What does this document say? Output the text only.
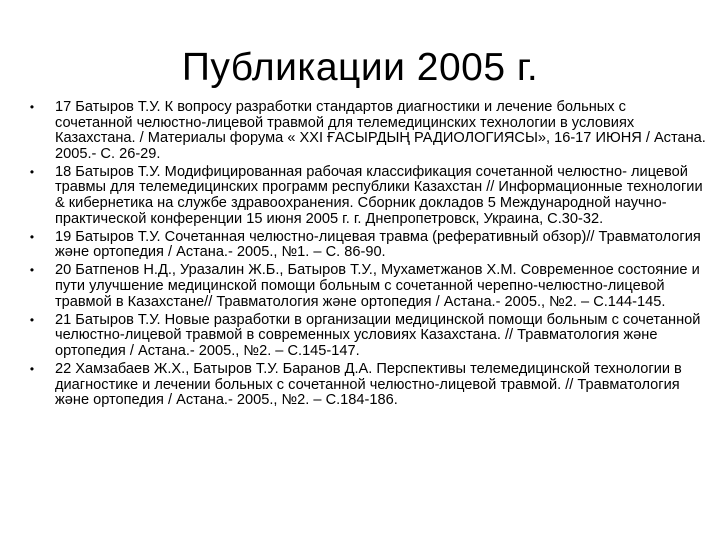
Публикации 2005 г.
• 17 Батыров Т.У. К вопросу разработки стандартов диагностики и лечение больных с сочетанной челюстно-лицевой травмой для телемедицинских технологии в условиях Казахстана. / Материалы форума « XXI ҒАСЫРДЫҢ РАДИОЛОГИЯСЫ», 16-17 ИЮНЯ / Астана. 2005.- С. 26-29.
• 18 Батыров Т.У. Модифицированная рабочая классификация сочетанной челюстно- лицевой травмы для телемедицинских программ республики Казахстан // Информационные технологии & кибернетика на службе здравоохранения. Сборник докладов 5 Международной научно-практической конференции 15 июня 2005 г. г. Днепропетровск, Украина, С.30-32.
• 19 Батыров Т.У. Сочетанная челюстно-лицевая травма (реферативный обзор)// Травматология және ортопедия / Астана.- 2005., №1. – С. 86-90.
• 20 Батпенов Н.Д., Уразалин Ж.Б., Батыров Т.У., Мухаметжанов Х.М. Современное состояние и пути улучшение медицинской помощи больным с сочетанной черепно-челюстно-лицевой травмой в Казахстане// Травматология және ортопедия / Астана.- 2005., №2. – С.144-145.
• 21 Батыров Т.У. Новые разработки в организации медицинской помощи больным с сочетанной челюстно-лицевой травмой в современных условиях Казахстана. // Травматология және ортопедия / Астана.- 2005., №2. – С.145-147.
• 22 Хамзабаев Ж.Х., Батыров Т.У. Баранов Д.А. Перспективы телемедицинской технологии в диагностике и лечении больных с сочетанной челюстно-лицевой травмой. // Травматология және ортопедия / Астана.- 2005., №2. – С.184-186.
